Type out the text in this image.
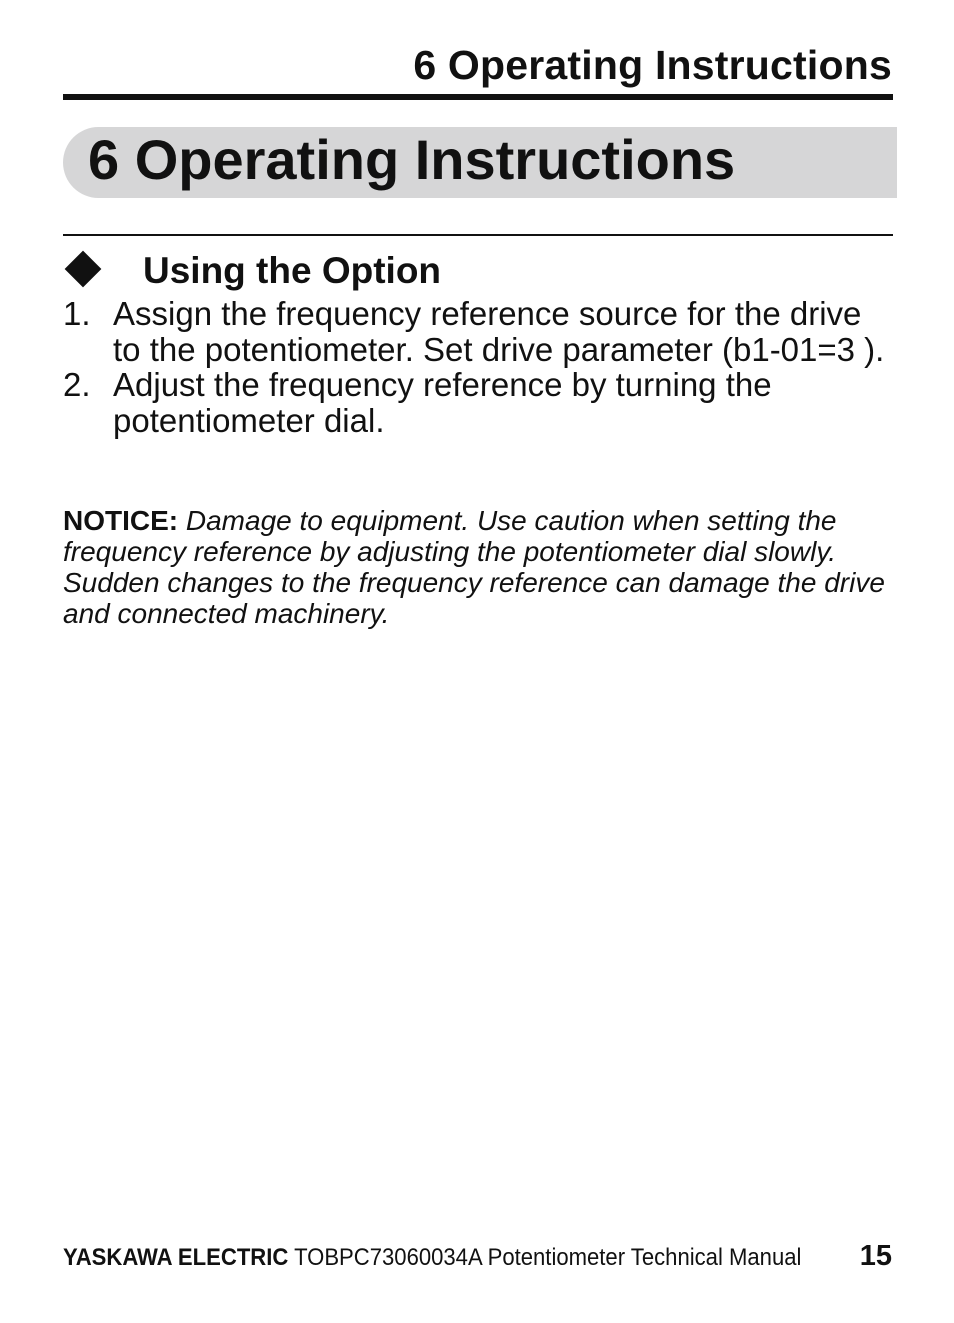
6 Operating Instructions
6 Operating Instructions
Using the Option
1. Assign the frequency reference source for the drive to the potentiometer. Set drive parameter (b1-01=3 ).
2. Adjust the frequency reference by turning the potentiometer dial.

NOTICE: Damage to equipment. Use caution when setting the frequency reference by adjusting the potentiometer dial slowly. Sudden changes to the frequency reference can damage the drive and connected machinery.

YASKAWA ELECTRIC TOBPC73060034A Potentiometer Technical Manual 15
